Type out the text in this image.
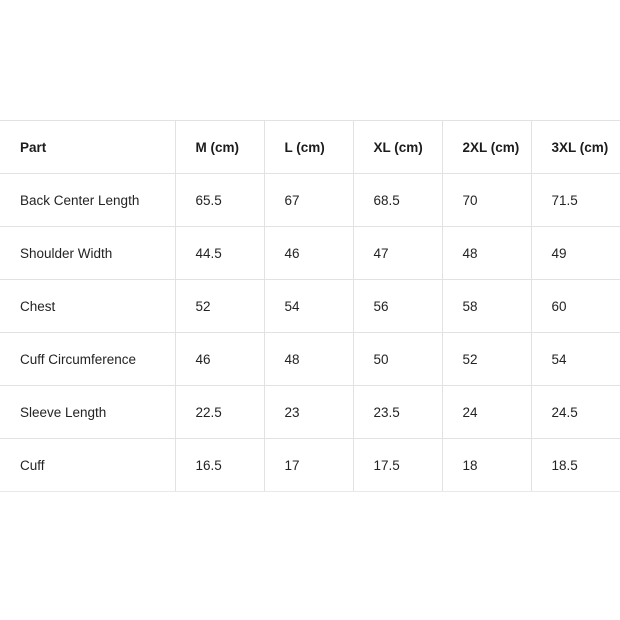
Part	M (cm)	L (cm)	XL (cm)	2XL (cm)	3XL (cm)
Back Center Length	65.5	67	68.5	70	71.5
Shoulder Width	44.5	46	47	48	49
Chest	52	54	56	58	60
Cuff Circumference	46	48	50	52	54
Sleeve Length	22.5	23	23.5	24	24.5
Cuff	16.5	17	17.5	18	18.5
